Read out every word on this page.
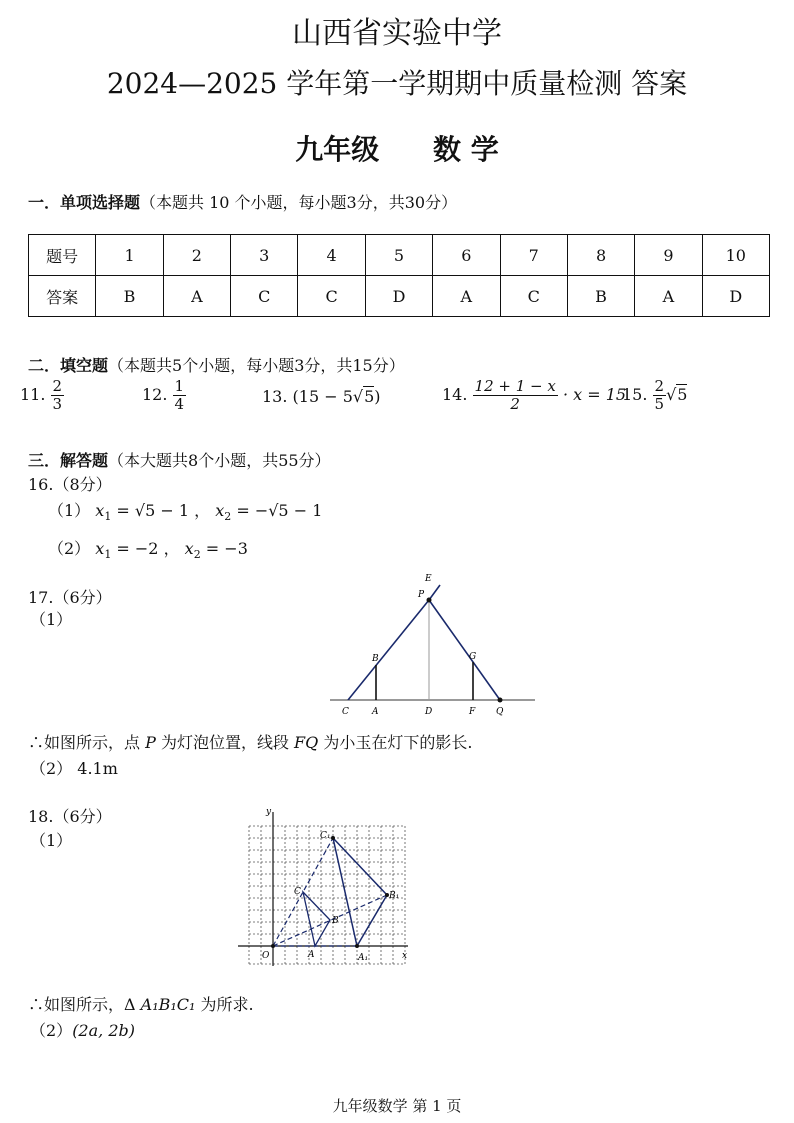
山西省实验中学
2024—2025 学年第一学期期中质量检测 答案
九年级 数 学
一．单项选择题（本题共 10 个小题，每小题3分，共30分）
题号	1	2	3	4	5	6	7	8	9	10
答案	B	A	C	C	D	A	C	B	A	D
二．填空题（本题共5个小题，每小题3分，共15分）
11. $\frac{2}{3}$	12. $\frac{1}{4}$	13. (15 − 5√5)	14. $\frac{12 + 1 - x}{2} \cdot x = 15$
15. $\frac{2}{5} √5$
三．解答题（本大题共8个小题，共55分）
16.（8分）
（1） $x_1 = √5 - 1$ ， $x_2 = -√5 - 1$
（2） $x_1 = -2$ ， $x_2 = -3$
17.（6分）
（1）
E
P
B	G
C	A	D	F Q
∴如图所示，点 P 为灯泡位置，线段 FQ 为小玉在灯下的影长.
（2） 4.1m
18.（6分）
（1）
y
x
O
C₁
C
B
B₁
A	A₁
∴如图所示，Δ A₁B₁C₁ 为所求.
（2）(2a, 2b)
九年级数学 第 1 页
